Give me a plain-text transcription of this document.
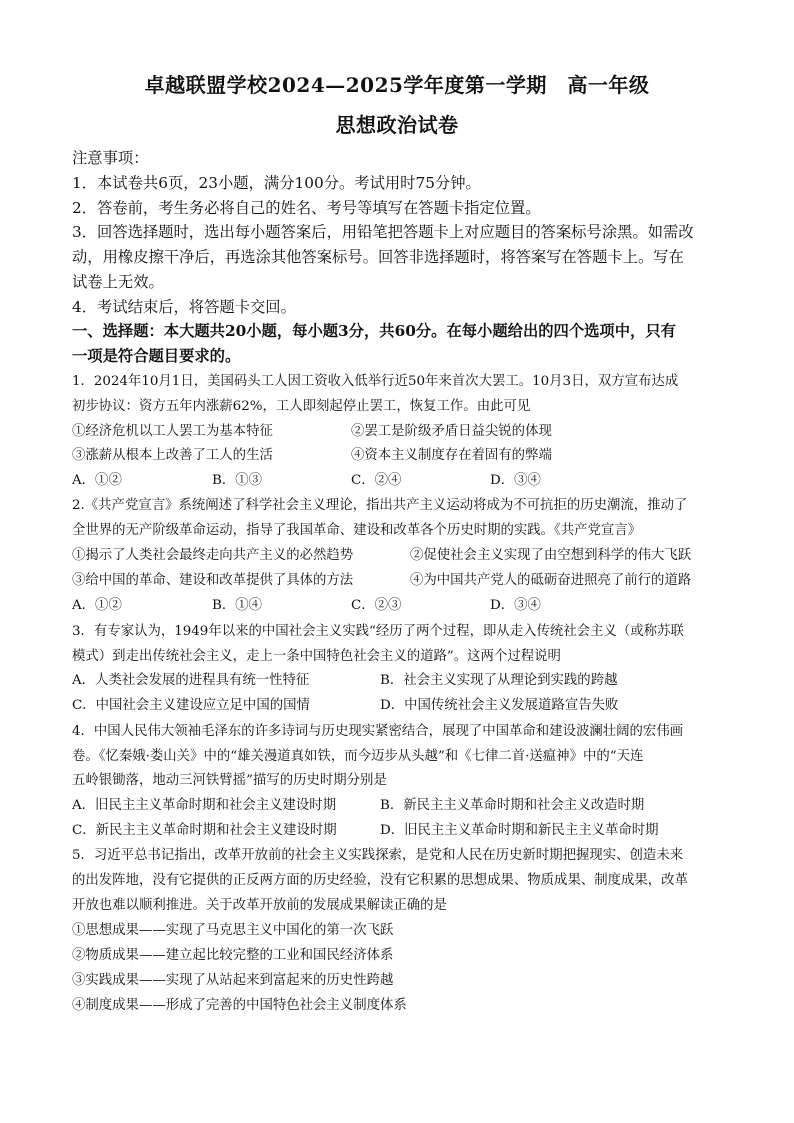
卓越联盟学校2024—2025学年度第一学期　高一年级
思想政治试卷
注意事项：
1．本试卷共6页，23小题，满分100分。考试用时75分钟。
2．答卷前，考生务必将自己的姓名、考号等填写在答题卡指定位置。
3．回答选择题时，选出每小题答案后，用铅笔把答题卡上对应题目的答案标号涂黑。如需改
动，用橡皮擦干净后，再选涂其他答案标号。回答非选择题时，将答案写在答题卡上。写在
试卷上无效。
4．考试结束后，将答题卡交回。
一、选择题：本大题共20小题，每小题3分，共60分。在每小题给出的四个选项中，只有
一项是符合题目要求的。
1．2024年10月1日，美国码头工人因工资收入低举行近50年来首次大罢工。10月3日，双方宣布达成
初步协议：资方五年内涨薪62%，工人即刻起停止罢工，恢复工作。由此可见
①经济危机以工人罢工为基本特征	②罢工是阶级矛盾日益尖锐的体现
③涨薪从根本上改善了工人的生活	④资本主义制度存在着固有的弊端
A．①②	B．①③	C．②④	D．③④
2.《共产党宣言》系统阐述了科学社会主义理论，指出共产主义运动将成为不可抗拒的历史潮流，推动了
全世界的无产阶级革命运动，指导了我国革命、建设和改革各个历史时期的实践。《共产党宣言》
①揭示了人类社会最终走向共产主义的必然趋势	②促使社会主义实现了由空想到科学的伟大飞跃
③给中国的革命、建设和改革提供了具体的方法	④为中国共产党人的砥砺奋进照亮了前行的道路
A．①②	B．①④	C．②③	D．③④
3．有专家认为，1949年以来的中国社会主义实践“经历了两个过程，即从走入传统社会主义（或称苏联
模式）到走出传统社会主义，走上一条中国特色社会主义的道路”。这两个过程说明
A．人类社会发展的进程具有统一性特征	B．社会主义实现了从理论到实践的跨越
C．中国社会主义建设应立足中国的国情	D．中国传统社会主义发展道路宣告失败
4．中国人民伟大领袖毛泽东的许多诗词与历史现实紧密结合，展现了中国革命和建设波澜壮阔的宏伟画
卷。《忆秦娥·娄山关》中的“雄关漫道真如铁，而今迈步从头越”和《七律二首·送瘟神》中的“天连
五岭银锄落，地动三河铁臂摇”描写的历史时期分别是
A．旧民主主义革命时期和社会主义建设时期	B．新民主主义革命时期和社会主义改造时期
C．新民主主义革命时期和社会主义建设时期	D．旧民主主义革命时期和新民主主义革命时期
5．习近平总书记指出，改革开放前的社会主义实践探索，是党和人民在历史新时期把握现实、创造未来
的出发阵地，没有它提供的正反两方面的历史经验，没有它积累的思想成果、物质成果、制度成果，改革
开放也难以顺利推进。关于改革开放前的发展成果解读正确的是
①思想成果——实现了马克思主义中国化的第一次飞跃
②物质成果——建立起比较完整的工业和国民经济体系
③实践成果——实现了从站起来到富起来的历史性跨越
④制度成果——形成了完善的中国特色社会主义制度体系
